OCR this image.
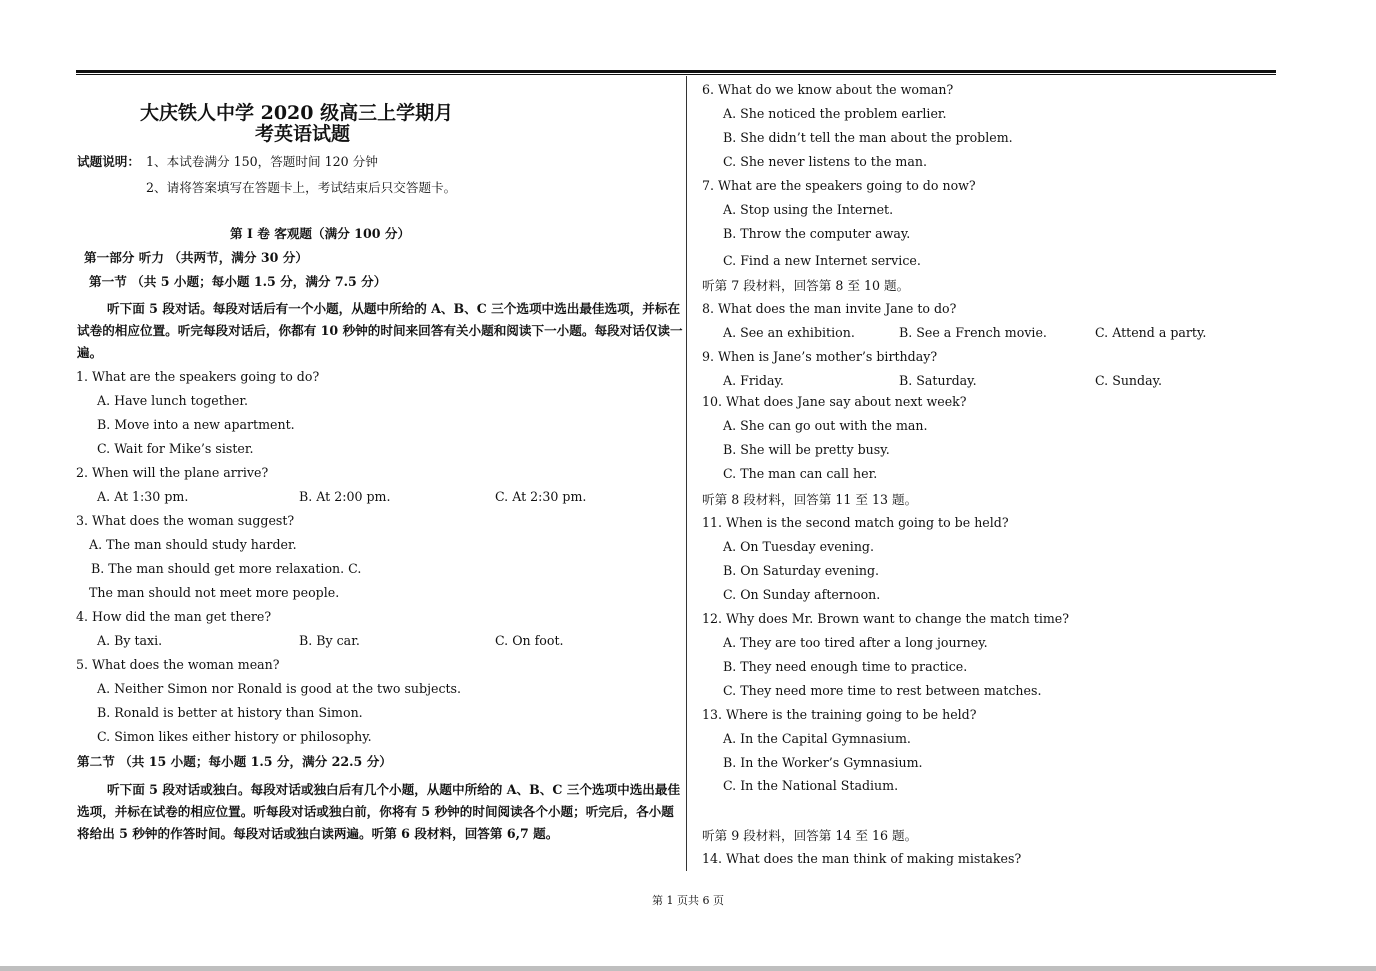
大庆铁人中学 2020 级高三上学期月
考英语试题
试题说明： 1、本试卷满分 150，答题时间 120 分钟
2、请将答案填写在答题卡上，考试结束后只交答题卡。
第 I 卷 客观题（满分 100 分）
第一部分 听力 （共两节，满分 30 分）
第一节 （共 5 小题；每小题 1.5 分，满分 7.5 分）
听下面 5 段对话。每段对话后有一个小题，从题中所给的 A、B、C 三个选项中选出最佳选项，并标在试卷的相应位置。听完每段对话后，你都有 10 秒钟的时间来回答有关小题和阅读下一小题。每段对话仅读一遍。
1. What are the speakers going to do?
A. Have lunch together.
B. Move into a new apartment.
C. Wait for Mike’s sister.
2. When will the plane arrive?
A. At 1:30 pm.	B. At 2:00 pm.	C. At 2:30 pm.
3. What does the woman suggest?
A. The man should study harder.
B. The man should get more relaxation. C.
The man should not meet more people.
4. How did the man get there?
A. By taxi.	B. By car.	C. On foot.
5. What does the woman mean?
A. Neither Simon nor Ronald is good at the two subjects.
B. Ronald is better at history than Simon.
C. Simon likes either history or philosophy.
第二节 （共 15 小题；每小题 1.5 分，满分 22.5 分）
听下面 5 段对话或独白。每段对话或独白后有几个小题，从题中所给的 A、B、C 三个选项中选出最佳选项，并标在试卷的相应位置。听每段对话或独白前，你将有 5 秒钟的时间阅读各个小题；听完后，各小题将给出 5 秒钟的作答时间。每段对话或独白读两遍。听第 6 段材料，回答第 6,7 题。
6. What do we know about the woman?
A. She noticed the problem earlier.
B. She didn’t tell the man about the problem.
C. She never listens to the man.
7. What are the speakers going to do now?
A. Stop using the Internet.
B. Throw the computer away.
C. Find a new Internet service.
听第 7 段材料，回答第 8 至 10 题。
8. What does the man invite Jane to do?
A. See an exhibition.	B. See a French movie.	C. Attend a party.
9. When is Jane’s mother’s birthday?
A. Friday.	B. Saturday.	C. Sunday.
10. What does Jane say about next week?
A. She can go out with the man.
B. She will be pretty busy.
C. The man can call her.
听第 8 段材料，回答第 11 至 13 题。
11. When is the second match going to be held?
A. On Tuesday evening.
B. On Saturday evening.
C. On Sunday afternoon.
12. Why does Mr. Brown want to change the match time?
A. They are too tired after a long journey.
B. They need enough time to practice.
C. They need more time to rest between matches.
13. Where is the training going to be held?
A. In the Capital Gymnasium.
B. In the Worker’s Gymnasium.
C. In the National Stadium.
听第 9 段材料，回答第 14 至 16 题。
14. What does the man think of making mistakes?
第 1 页共 6 页
